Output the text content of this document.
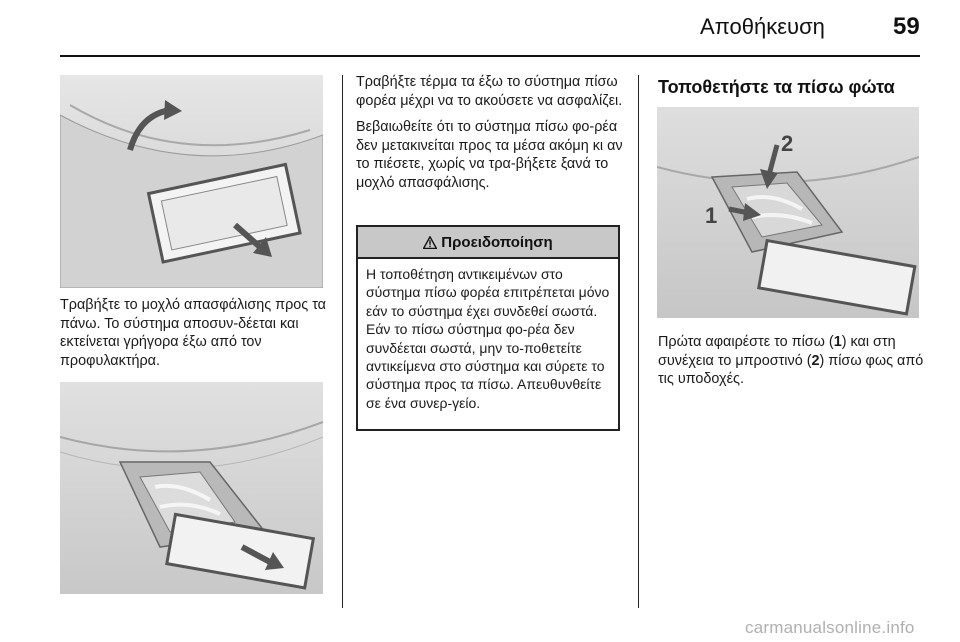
Αποθήκευση	59
Τραβήξτε το μοχλό απασφάλισης προς τα πάνω. Το σύστημα αποσυν-δέεται και εκτείνεται γρήγορα έξω από τον προφυλακτήρα.

Τραβήξτε τέρμα τα έξω το σύστημα πίσω φορέα μέχρι να το ακούσετε να ασφαλίζει.

Βεβαιωθείτε ότι το σύστημα πίσω φο-ρέα δεν μετακινείται προς τα μέσα ακόμη κι αν το πιέσετε, χωρίς να τρα-βήξετε ξανά το μοχλό απασφάλισης.

Προειδοποίηση
Η τοποθέτηση αντικειμένων στο σύστημα πίσω φορέα επιτρέπεται μόνο εάν το σύστημα έχει συνδεθεί σωστά. Εάν το πίσω σύστημα φο-ρέα δεν συνδέεται σωστά, μην το-ποθετείτε αντικείμενα στο σύστημα και σύρετε το σύστημα προς τα πίσω. Απευθυνθείτε σε ένα συνερ-γείο.
Τοποθετήστε τα πίσω φώτα
2
1
Πρώτα αφαιρέστε το πίσω (1) και στη συνέχεια το μπροστινό (2) πίσω φως από τις υποδοχές.
carmanualsonline.info
